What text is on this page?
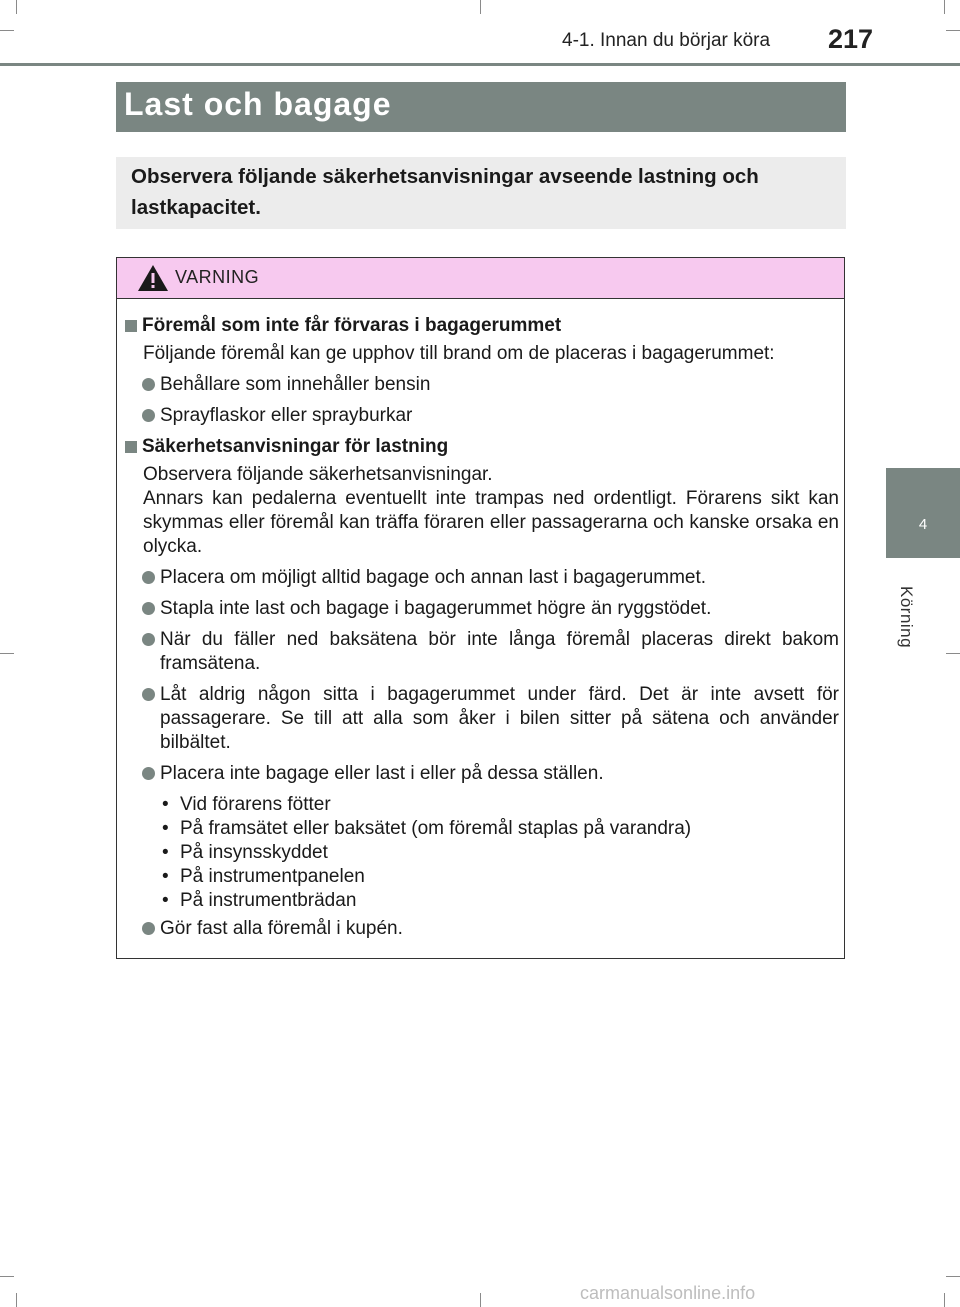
4-1. Innan du börjar köra 217
4
Körning
Last och bagage
Observera följande säkerhetsanvisningar avseende lastning och lastkapacitet.
VARNING
Föremål som inte får förvaras i bagagerummet
Följande föremål kan ge upphov till brand om de placeras i bagagerummet:
Behållare som innehåller bensin
Sprayflaskor eller sprayburkar
Säkerhetsanvisningar för lastning
Observera följande säkerhetsanvisningar.
Annars kan pedalerna eventuellt inte trampas ned ordentligt. Förarens sikt kan skymmas eller föremål kan träffa föraren eller passagerarna och kanske orsaka en olycka.
Placera om möjligt alltid bagage och annan last i bagagerummet.
Stapla inte last och bagage i bagagerummet högre än ryggstödet.
När du fäller ned baksätena bör inte långa föremål placeras direkt bakom framsätena.
Låt aldrig någon sitta i bagagerummet under färd. Det är inte avsett för passagerare. Se till att alla som åker i bilen sitter på sätena och använder bilbältet.
Placera inte bagage eller last i eller på dessa ställen.
• Vid förarens fötter
• På framsätet eller baksätet (om föremål staplas på varandra)
• På insynsskyddet
• På instrumentpanelen
• På instrumentbrädan
Gör fast alla föremål i kupén.
carmanualsonline.info
